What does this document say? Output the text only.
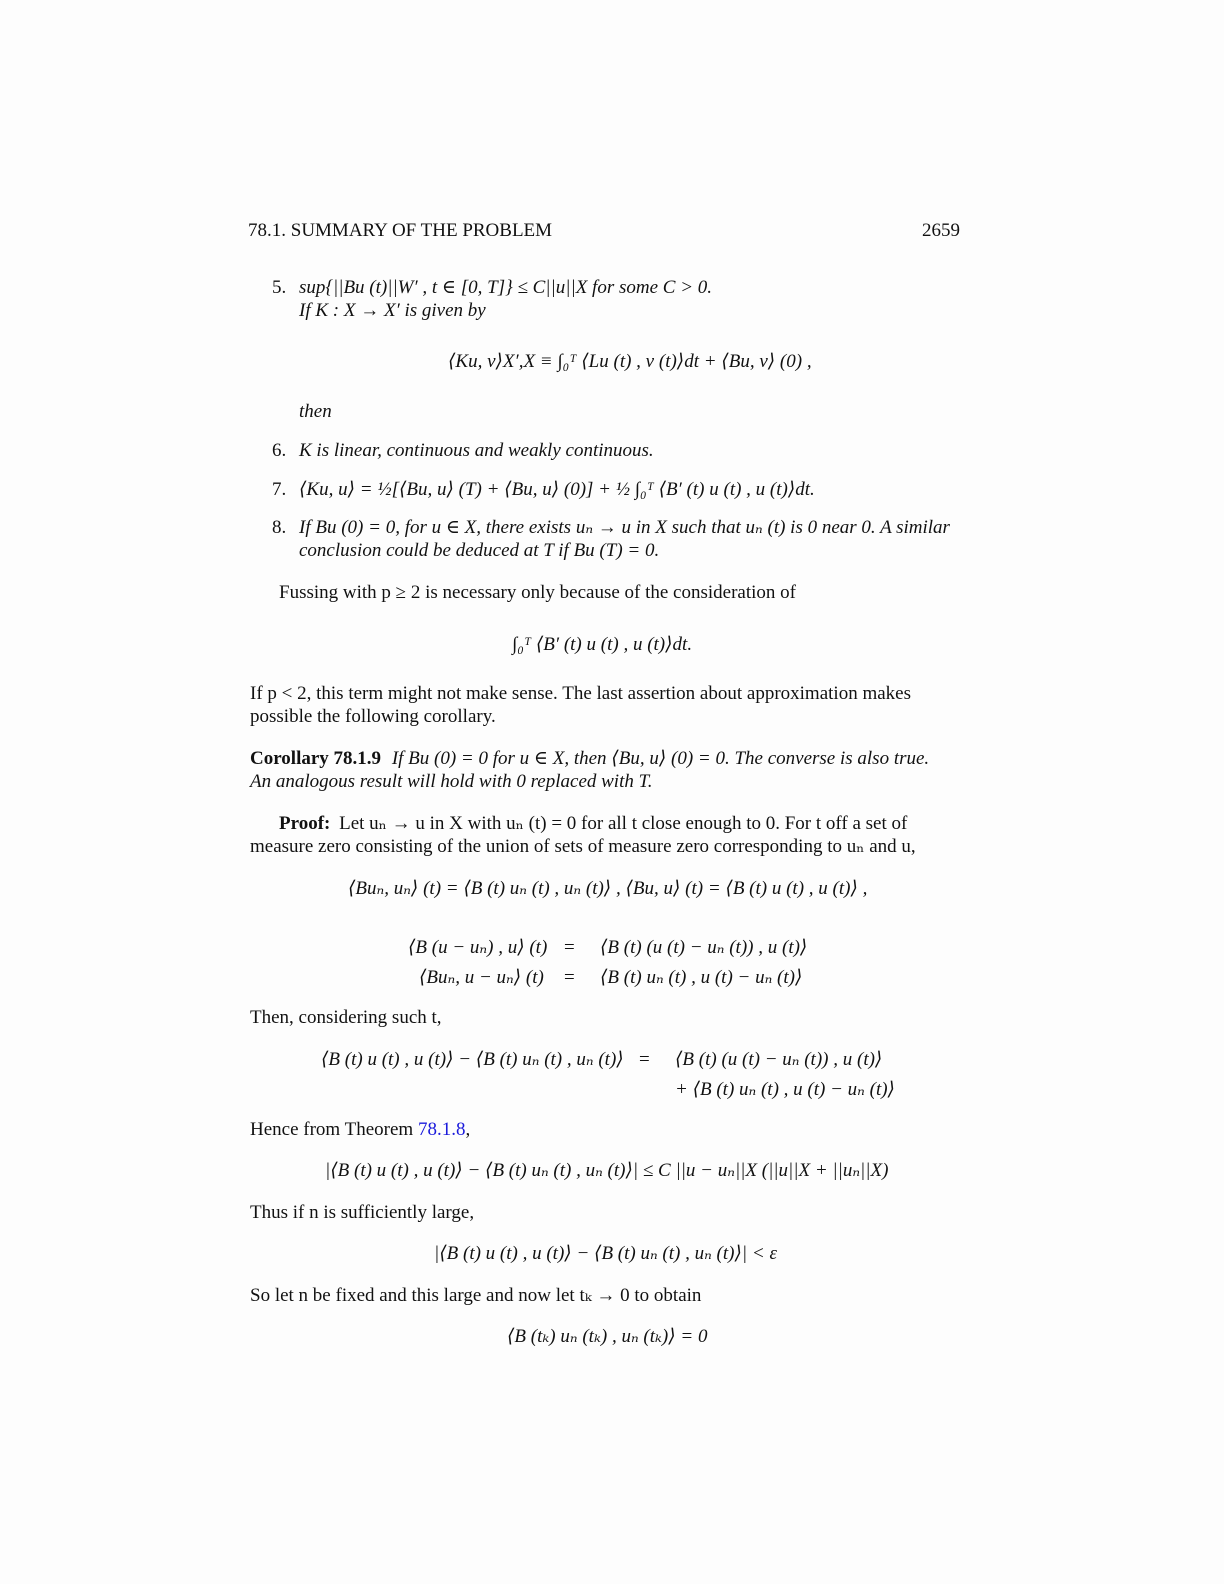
78.1. SUMMARY OF THE PROBLEM	2659
5. sup{||Bu (t)||W′ , t ∈ [0, T]} ≤ C||u||X for some C > 0.
If K : X → X′ is given by
⟨Ku, v⟩X′,X ≡ ∫₀ᵀ ⟨Lu (t) , v (t)⟩dt + ⟨Bu, v⟩ (0) ,
then
6. K is linear, continuous and weakly continuous.
7. ⟨Ku, u⟩ = ½[⟨Bu, u⟩ (T) + ⟨Bu, u⟩ (0)] + ½ ∫₀ᵀ ⟨B′ (t) u (t) , u (t)⟩dt.
8. If Bu (0) = 0, for u ∈ X, there exists uₙ → u in X such that uₙ (t) is 0 near 0. A similar
conclusion could be deduced at T if Bu (T) = 0.
Fussing with p ≥ 2 is necessary only because of the consideration of
∫₀ᵀ ⟨B′ (t) u (t) , u (t)⟩dt.
If p < 2, this term might not make sense. The last assertion about approximation makes
possible the following corollary.
Corollary 78.1.9 If Bu (0) = 0 for u ∈ X, then ⟨Bu, u⟩ (0) = 0. The converse is also true.
An analogous result will hold with 0 replaced with T.
Proof: Let uₙ → u in X with uₙ (t) = 0 for all t close enough to 0. For t off a set of
measure zero consisting of the union of sets of measure zero corresponding to uₙ and u,
⟨Buₙ, uₙ⟩ (t) = ⟨B (t) uₙ (t) , uₙ (t)⟩ , ⟨Bu, u⟩ (t) = ⟨B (t) u (t) , u (t)⟩ ,
⟨B (u − uₙ) , u⟩ (t) = ⟨B (t) (u (t) − uₙ (t)) , u (t)⟩
⟨Buₙ, u − uₙ⟩ (t) = ⟨B (t) uₙ (t) , u (t) − uₙ (t)⟩
Then, considering such t,
⟨B (t) u (t) , u (t)⟩ − ⟨B (t) uₙ (t) , uₙ (t)⟩ = ⟨B (t) (u (t) − uₙ (t)) , u (t)⟩
+ ⟨B (t) uₙ (t) , u (t) − uₙ (t)⟩
Hence from Theorem 78.1.8,
|⟨B (t) u (t) , u (t)⟩ − ⟨B (t) uₙ (t) , uₙ (t)⟩| ≤ C ||u − uₙ||X (||u||X + ||uₙ||X)
Thus if n is sufficiently large,
|⟨B (t) u (t) , u (t)⟩ − ⟨B (t) uₙ (t) , uₙ (t)⟩| < ε
So let n be fixed and this large and now let tₖ → 0 to obtain
⟨B (tₖ) uₙ (tₖ) , uₙ (tₖ)⟩ = 0
